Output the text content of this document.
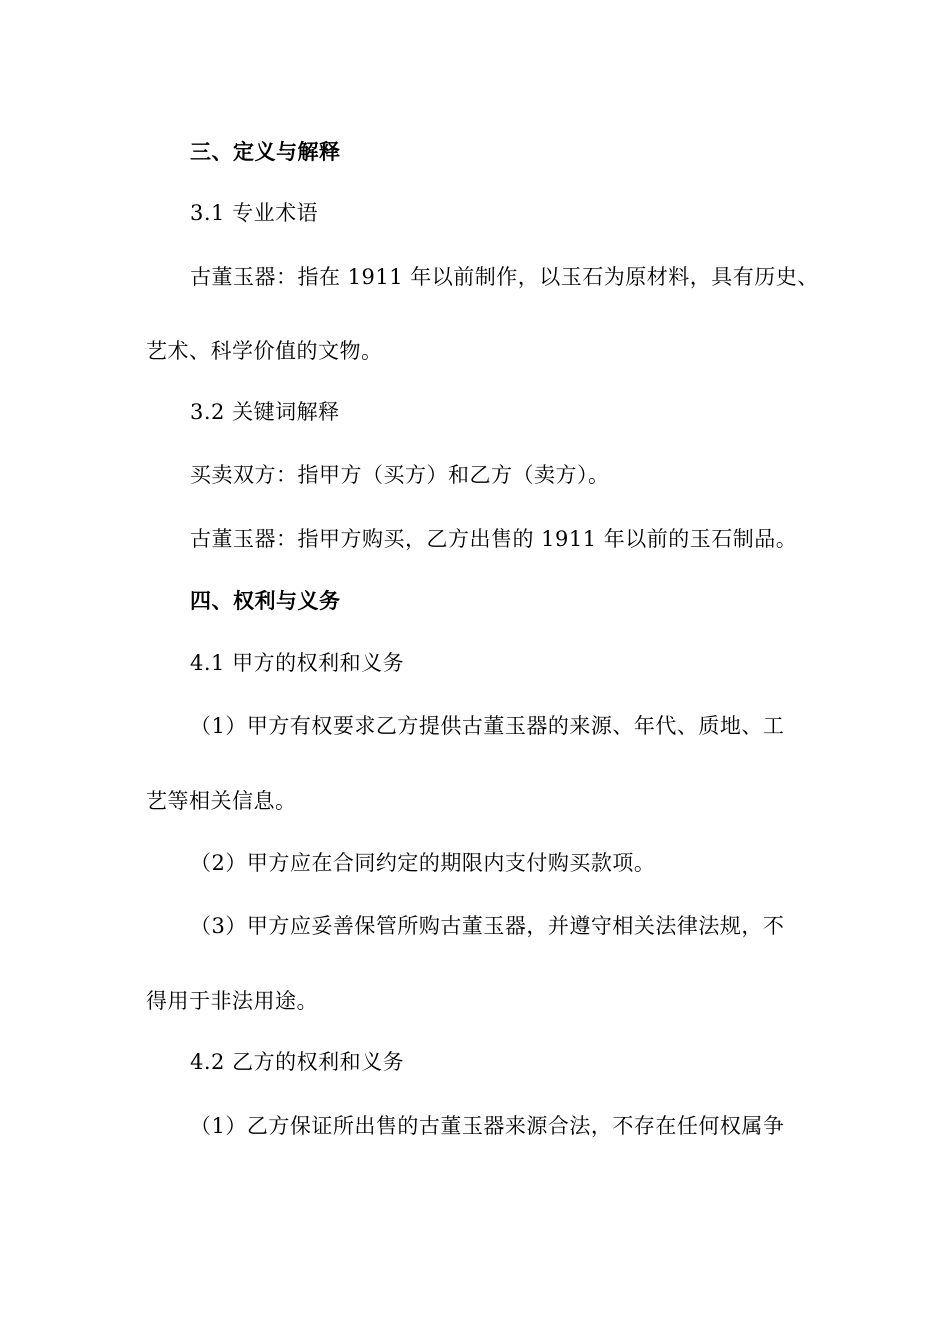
三、定义与解释
3.1 专业术语
古董玉器：指在 1911 年以前制作，以玉石为原材料，具有历史、
艺术、科学价值的文物。
3.2 关键词解释
买卖双方：指甲方（买方）和乙方（卖方）。
古董玉器：指甲方购买，乙方出售的 1911 年以前的玉石制品。
四、权利与义务
4.1 甲方的权利和义务
（1）甲方有权要求乙方提供古董玉器的来源、年代、质地、工
艺等相关信息。
（2）甲方应在合同约定的期限内支付购买款项。
（3）甲方应妥善保管所购古董玉器，并遵守相关法律法规，不
得用于非法用途。
4.2 乙方的权利和义务
（1）乙方保证所出售的古董玉器来源合法，不存在任何权属争
